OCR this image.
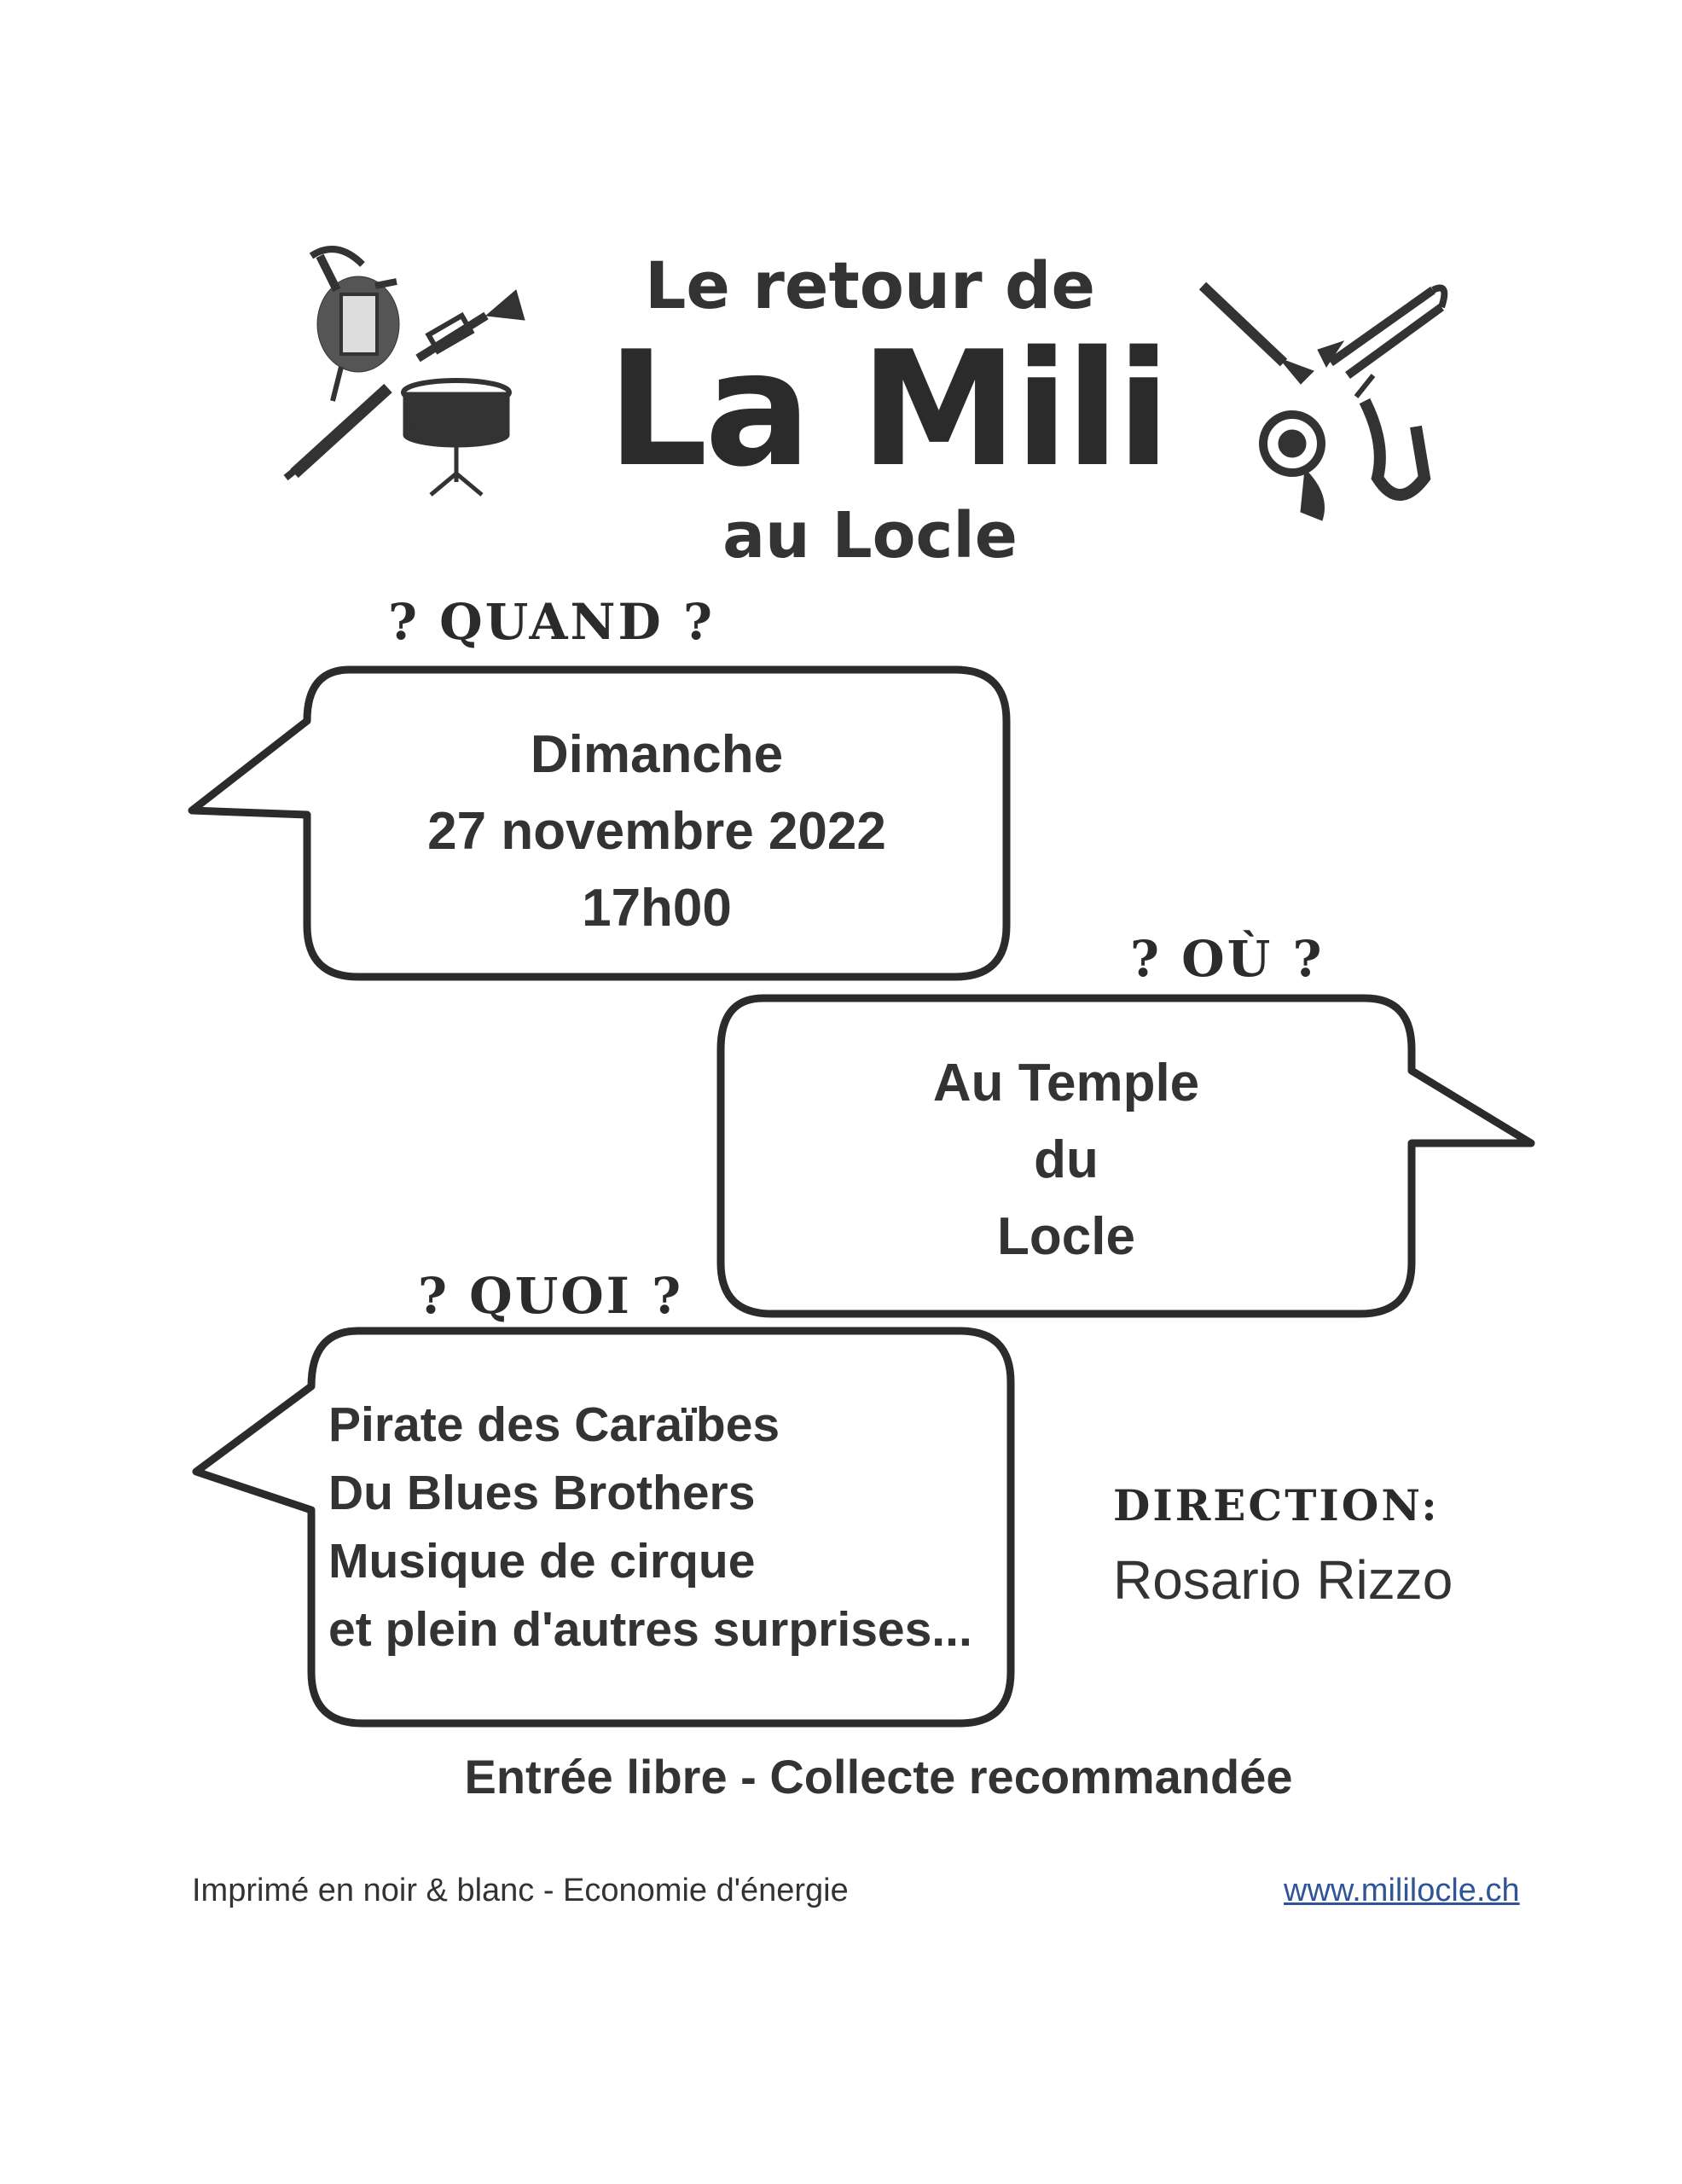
Le retour de
La Mili
au Locle
? QUAND ?
? OÙ ?
? QUOI ?
Dimanche
27 novembre 2022
17h00
Au Temple
du
Locle
Pirate des Caraïbes
Du Blues Brothers
Musique de cirque
et plein d'autres surprises...
DIRECTION:
Rosario Rizzo
Entrée libre - Collecte recommandée
Imprimé en noir & blanc - Economie d'énergie	www.mililocle.ch
